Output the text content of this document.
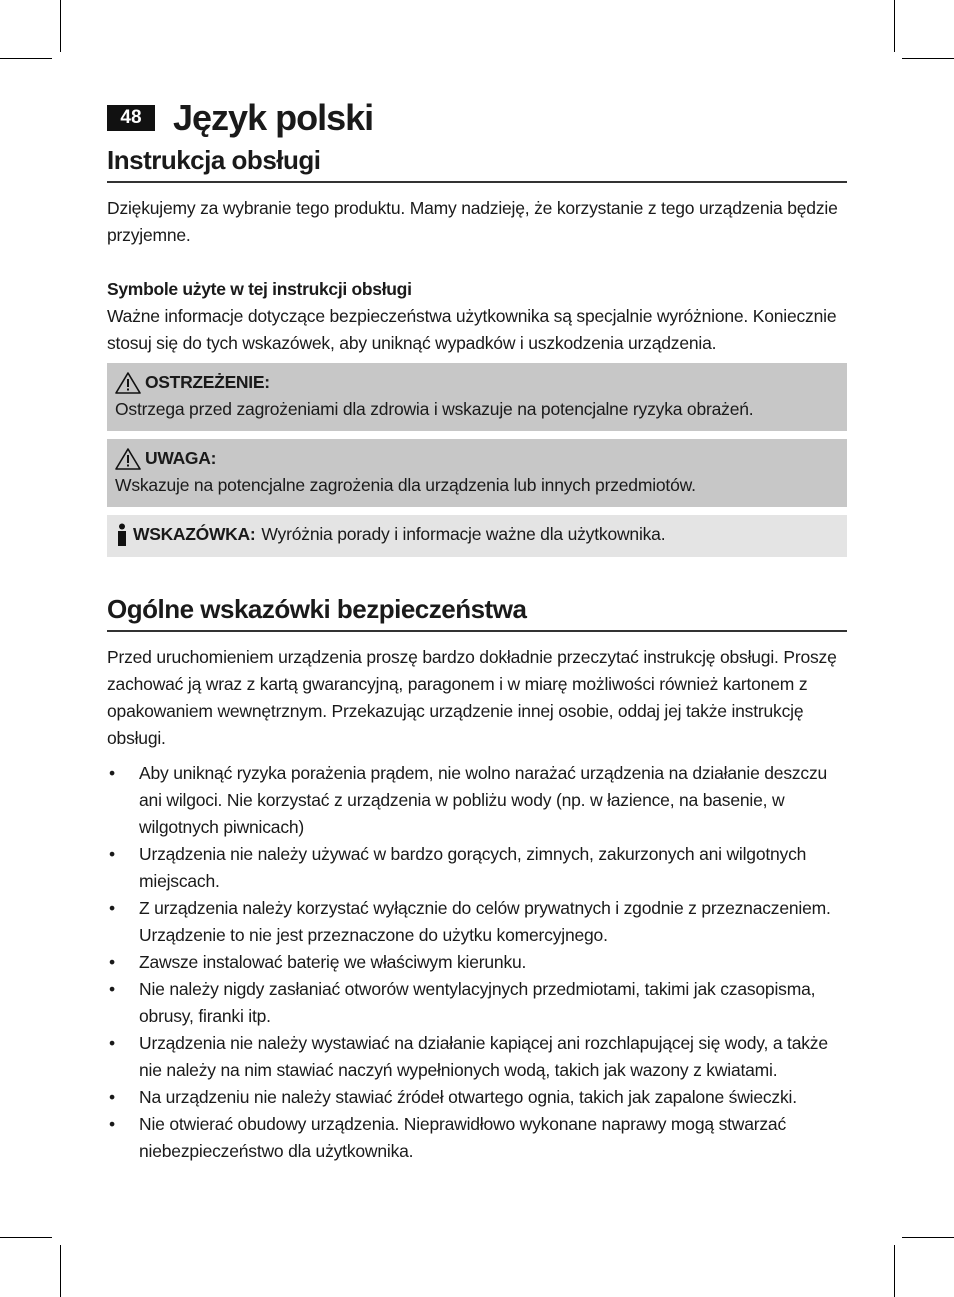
48 Język polski
Instrukcja obsługi

Dziękujemy za wybranie tego produktu. Mamy nadzieję, że korzystanie z tego urządzenia będzie przyjemne.

Symbole użyte w tej instrukcji obsługi

Ważne informacje dotyczące bezpieczeństwa użytkownika są specjalnie wyróżnione. Koniecznie stosuj się do tych wskazówek, aby uniknąć wypadków i uszkodzenia urządzenia.

OSTRZEŻENIE:
Ostrzega przed zagrożeniami dla zdrowia i wskazuje na potencjalne ryzyka obrażeń.
UWAGA:
Wskazuje na potencjalne zagrożenia dla urządzenia lub innych przedmiotów.
WSKAZÓWKA: Wyróżnia porady i informacje ważne dla użytkownika.
Ogólne wskazówki bezpieczeństwa

Przed uruchomieniem urządzenia proszę bardzo dokładnie przeczytać instrukcję obsługi. Proszę zachować ją wraz z kartą gwarancyjną, paragonem i w miarę możliwości również kartonem z opakowaniem wewnętrznym. Przekazując urządzenie innej osobie, oddaj jej także instrukcję obsługi.

• Aby uniknąć ryzyka porażenia prądem, nie wolno narażać urządzenia na działanie deszczu ani wilgoci. Nie korzystać z urządzenia w pobliżu wody (np. w łazience, na basenie, w wilgotnych piwnicach)
• Urządzenia nie należy używać w bardzo gorących, zimnych, zakurzonych ani wilgotnych miejscach.
• Z urządzenia należy korzystać wyłącznie do celów prywatnych i zgodnie z przeznaczeniem. Urządzenie to nie jest przeznaczone do użytku komercyjnego.
• Zawsze instalować baterię we właściwym kierunku.
• Nie należy nigdy zasłaniać otworów wentylacyjnych przedmiotami, takimi jak czasopisma, obrusy, firanki itp.
• Urządzenia nie należy wystawiać na działanie kapiącej ani rozchlapującej się wody, a także nie należy na nim stawiać naczyń wypełnionych wodą, takich jak wazony z kwiatami.
• Na urządzeniu nie należy stawiać źródeł otwartego ognia, takich jak zapalone świeczki.
• Nie otwierać obudowy urządzenia. Nieprawidłowo wykonane naprawy mogą stwarzać niebezpieczeństwo dla użytkownika.
